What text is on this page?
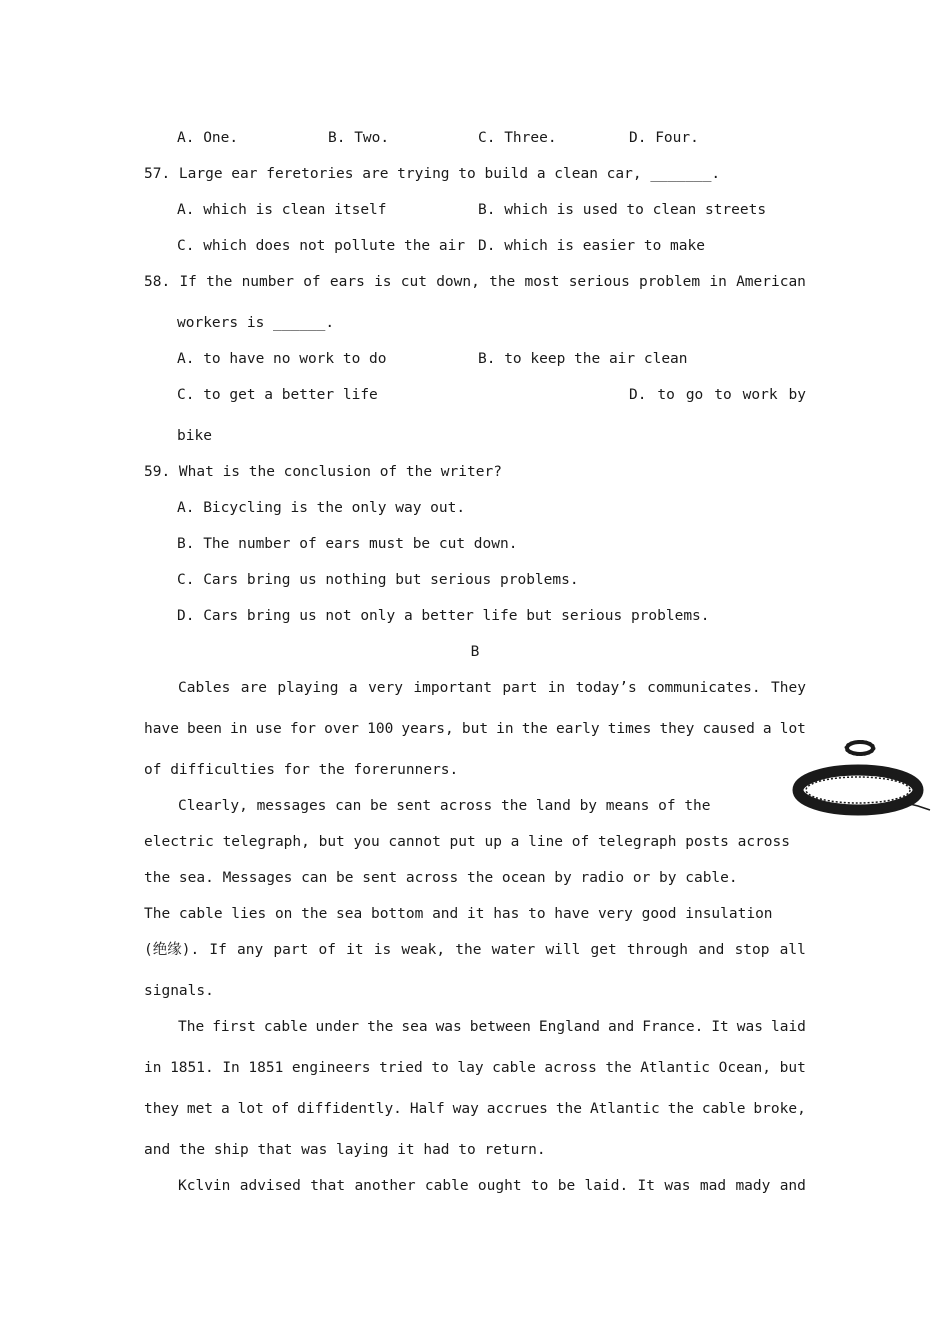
A. One.	B. Two.	C. Three.	D. Four.
57. Large ear feretories are trying to build a clean car, _______.
A. which is clean itself	B. which is used to clean streets
C. which does not pollute the air D. which is easier to make
58. If the number of ears is cut down, the most serious problem in American
workers is ______.
A. to have no work to do	B. to keep the air clean
C. to get a better life	D. to go to work by
bike
59. What is the conclusion of the writer?
A. Bicycling is the only way out.
B. The number of ears must be cut down.
C. Cars bring us nothing but serious problems.
D. Cars bring us not only a better life but serious problems.
B
Cables are playing a very important part in today’s communicates. They
have been in use for over 100 years, but in the early times they caused a lot
of difficulties for the forerunners.
Clearly, messages can be sent across the land by means of the
electric telegraph, but you cannot put up a line of telegraph posts across
the sea. Messages can be sent across the ocean by radio or by cable.
The cable lies on the sea bottom and it has to have very good insulation
(绝缘). If any part of it is weak, the water will get through and stop all
signals.
The first cable under the sea was between England and France. It was laid
in 1851. In 1851 engineers tried to lay cable across the Atlantic Ocean, but
they met a lot of diffidently. Half way accrues the Atlantic the cable broke,
and the ship that was laying it had to return.
Kclvin advised that another cable ought to be laid. It was mad mady and
